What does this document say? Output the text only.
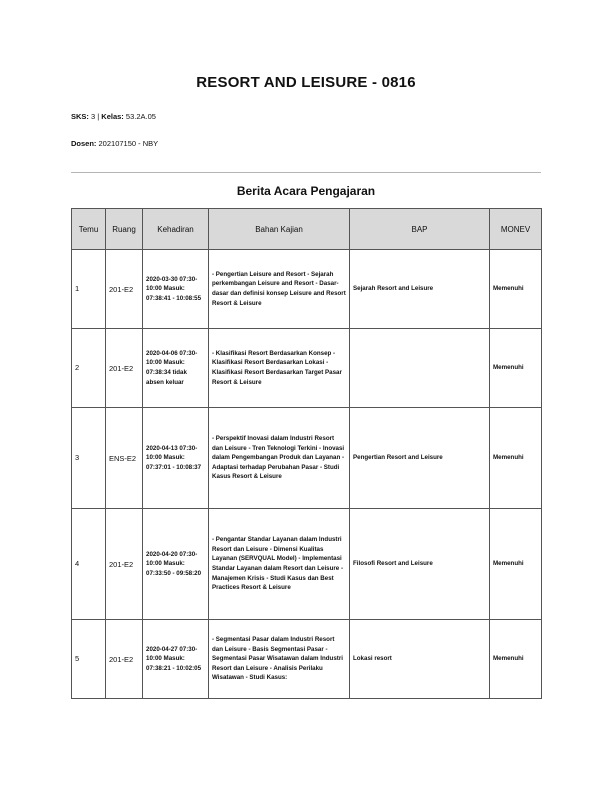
RESORT AND LEISURE - 0816
SKS: 3 | Kelas: 53.2A.05
Dosen: 202107150 - NBY
Berita Acara Pengajaran
Temu	Ruang	Kehadiran	Bahan Kajian	BAP	MONEV
1	201-E2	2020-03-30 07:30-10:00 Masuk: 07:38:41 - 10:08:55	- Pengertian Leisure and Resort - Sejarah perkembangan Leisure and Resort - Dasar-dasar dan definisi konsep Leisure and Resort Resort & Leisure	Sejarah Resort and Leisure	Memenuhi
2	201-E2	2020-04-06 07:30-10:00 Masuk: 07:38:34 tidak absen keluar	- Klasifikasi Resort Berdasarkan Konsep - Klasifikasi Resort Berdasarkan Lokasi - Klasifikasi Resort Berdasarkan Target Pasar Resort & Leisure		Memenuhi
3	ENS-E2	2020-04-13 07:30-10:00 Masuk: 07:37:01 - 10:08:37	- Perspektif Inovasi dalam Industri Resort dan Leisure - Tren Teknologi Terkini - Inovasi dalam Pengembangan Produk dan Layanan - Adaptasi terhadap Perubahan Pasar - Studi Kasus Resort & Leisure	Pengertian Resort and Leisure	Memenuhi
4	201-E2	2020-04-20 07:30-10:00 Masuk: 07:33:50 - 09:58:20	- Pengantar Standar Layanan dalam Industri Resort dan Leisure - Dimensi Kualitas Layanan (SERVQUAL Model) - Implementasi Standar Layanan dalam Resort dan Leisure - Manajemen Krisis - Studi Kasus dan Best Practices Resort & Leisure	Filosofi Resort and Leisure	Memenuhi
5	201-E2	2020-04-27 07:30-10:00 Masuk: 07:38:21 - 10:02:05	- Segmentasi Pasar dalam Industri Resort dan Leisure - Basis Segmentasi Pasar - Segmentasi Pasar Wisatawan dalam Industri Resort dan Leisure - Analisis Perilaku Wisatawan - Studi Kasus:	Lokasi resort	Memenuhi
